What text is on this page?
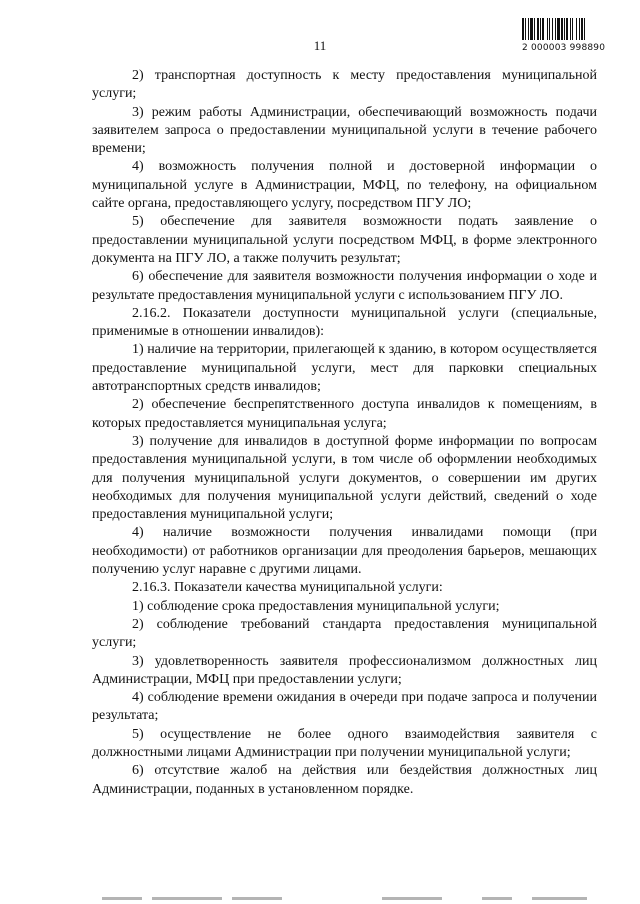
11	2 000003 998890

2) транспортная доступность к месту предоставления муниципальной услуги;

3) режим работы Администрации, обеспечивающий возможность подачи заявителем запроса о предоставлении муниципальной услуги в течение рабочего времени;

4) возможность получения полной и достоверной информации о муниципальной услуге в Администрации, МФЦ, по телефону, на официальном сайте органа, предоставляющего услугу, посредством ПГУ ЛО;

5) обеспечение для заявителя возможности подать заявление о предоставлении муниципальной услуги посредством МФЦ, в форме электронного документа на ПГУ ЛО, а также получить результат;

6) обеспечение для заявителя возможности получения информации о ходе и результате предоставления муниципальной услуги с использованием ПГУ ЛО.

2.16.2. Показатели доступности муниципальной услуги (специальные, применимые в отношении инвалидов):

1) наличие на территории, прилегающей к зданию, в котором осуществляется предоставление муниципальной услуги, мест для парковки специальных автотранспортных средств инвалидов;

2) обеспечение беспрепятственного доступа инвалидов к помещениям, в которых предоставляется муниципальная услуга;

3) получение для инвалидов в доступной форме информации по вопросам предоставления муниципальной услуги, в том числе об оформлении необходимых для получения муниципальной услуги документов, о совершении им других необходимых для получения муниципальной услуги действий, сведений о ходе предоставления муниципальной услуги;

4) наличие возможности получения инвалидами помощи (при необходимости) от работников организации для преодоления барьеров, мешающих получению услуг наравне с другими лицами.

2.16.3. Показатели качества муниципальной услуги:

1) соблюдение срока предоставления муниципальной услуги;

2) соблюдение требований стандарта предоставления муниципальной услуги;

3) удовлетворенность заявителя профессионализмом должностных лиц Администрации, МФЦ при предоставлении услуги;

4) соблюдение времени ожидания в очереди при подаче запроса и получении результата;

5) осуществление не более одного взаимодействия заявителя с должностными лицами Администрации при получении муниципальной услуги;

6) отсутствие жалоб на действия или бездействия должностных лиц Администрации, поданных в установленном порядке.
